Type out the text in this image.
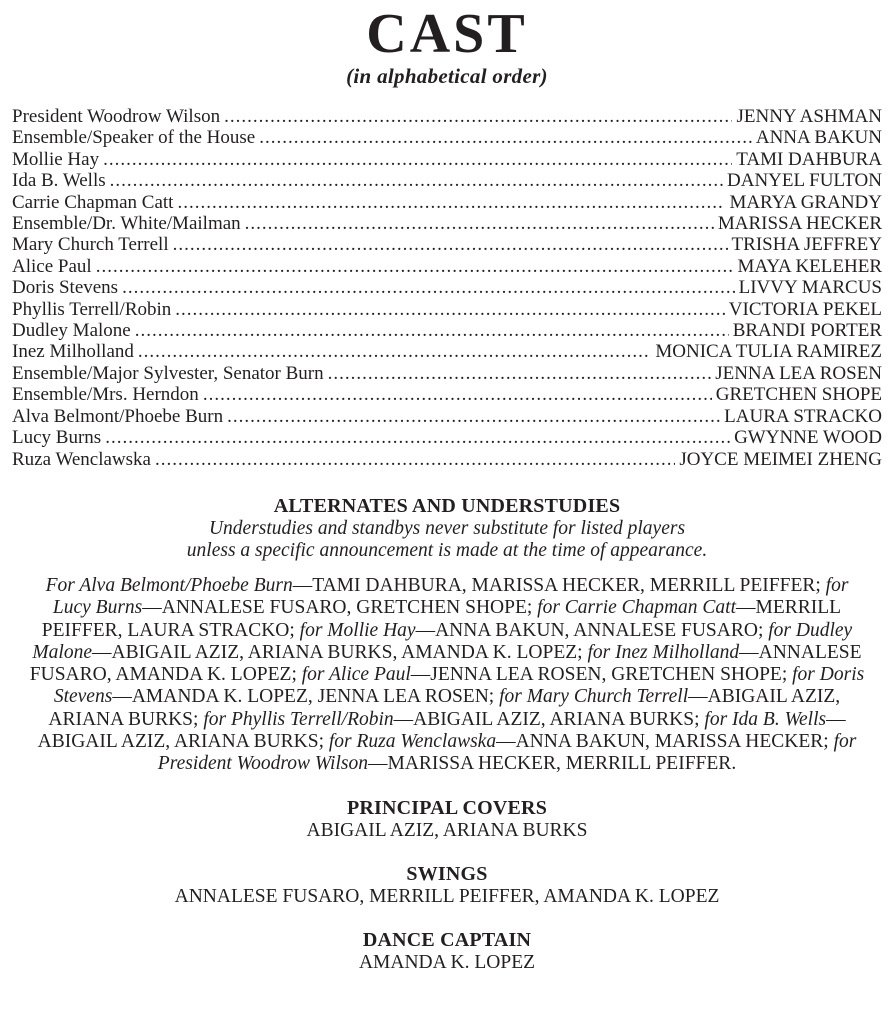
CAST
(in alphabetical order)
President Woodrow Wilson .....	JENNY ASHMAN
Ensemble/Speaker of the House .....	ANNA BAKUN
Mollie Hay .....	TAMI DAHBURA
Ida B. Wells .....	DANYEL FULTON
Carrie Chapman Catt .....	MARYA GRANDY
Ensemble/Dr. White/Mailman .....	MARISSA HECKER
Mary Church Terrell .....	TRISHA JEFFREY
Alice Paul .....	MAYA KELEHER
Doris Stevens .....	LIVVY MARCUS
Phyllis Terrell/Robin .....	VICTORIA PEKEL
Dudley Malone .....	BRANDI PORTER
Inez Milholland .....	MONICA TULIA RAMIREZ
Ensemble/Major Sylvester, Senator Burn .....	JENNA LEA ROSEN
Ensemble/Mrs. Herndon .....	GRETCHEN SHOPE
Alva Belmont/Phoebe Burn .....	LAURA STRACKO
Lucy Burns .....	GWYNNE WOOD
Ruza Wenclawska .....	JOYCE MEIMEI ZHENG
ALTERNATES AND UNDERSTUDIES
Understudies and standbys never substitute for listed players
unless a specific announcement is made at the time of appearance.

For Alva Belmont/Phoebe Burn—TAMI DAHBURA, MARISSA HECKER, MERRILL PEIFFER; for Lucy Burns—ANNALESE FUSARO, GRETCHEN SHOPE; for Carrie Chapman Catt—MERRILL PEIFFER, LAURA STRACKO; for Mollie Hay—ANNA BAKUN, ANNALESE FUSARO; for Dudley Malone—ABIGAIL AZIZ, ARIANA BURKS, AMANDA K. LOPEZ; for Inez Milholland—ANNALESE FUSARO, AMANDA K. LOPEZ; for Alice Paul—JENNA LEA ROSEN, GRETCHEN SHOPE; for Doris Stevens—AMANDA K. LOPEZ, JENNA LEA ROSEN; for Mary Church Terrell—ABIGAIL AZIZ, ARIANA BURKS; for Phyllis Terrell/Robin—ABIGAIL AZIZ, ARIANA BURKS; for Ida B. Wells—ABIGAIL AZIZ, ARIANA BURKS; for Ruza Wenclawska—ANNA BAKUN, MARISSA HECKER; for President Woodrow Wilson—MARISSA HECKER, MERRILL PEIFFER.

PRINCIPAL COVERS
ABIGAIL AZIZ, ARIANA BURKS
SWINGS
ANNALESE FUSARO, MERRILL PEIFFER, AMANDA K. LOPEZ
DANCE CAPTAIN
AMANDA K. LOPEZ
